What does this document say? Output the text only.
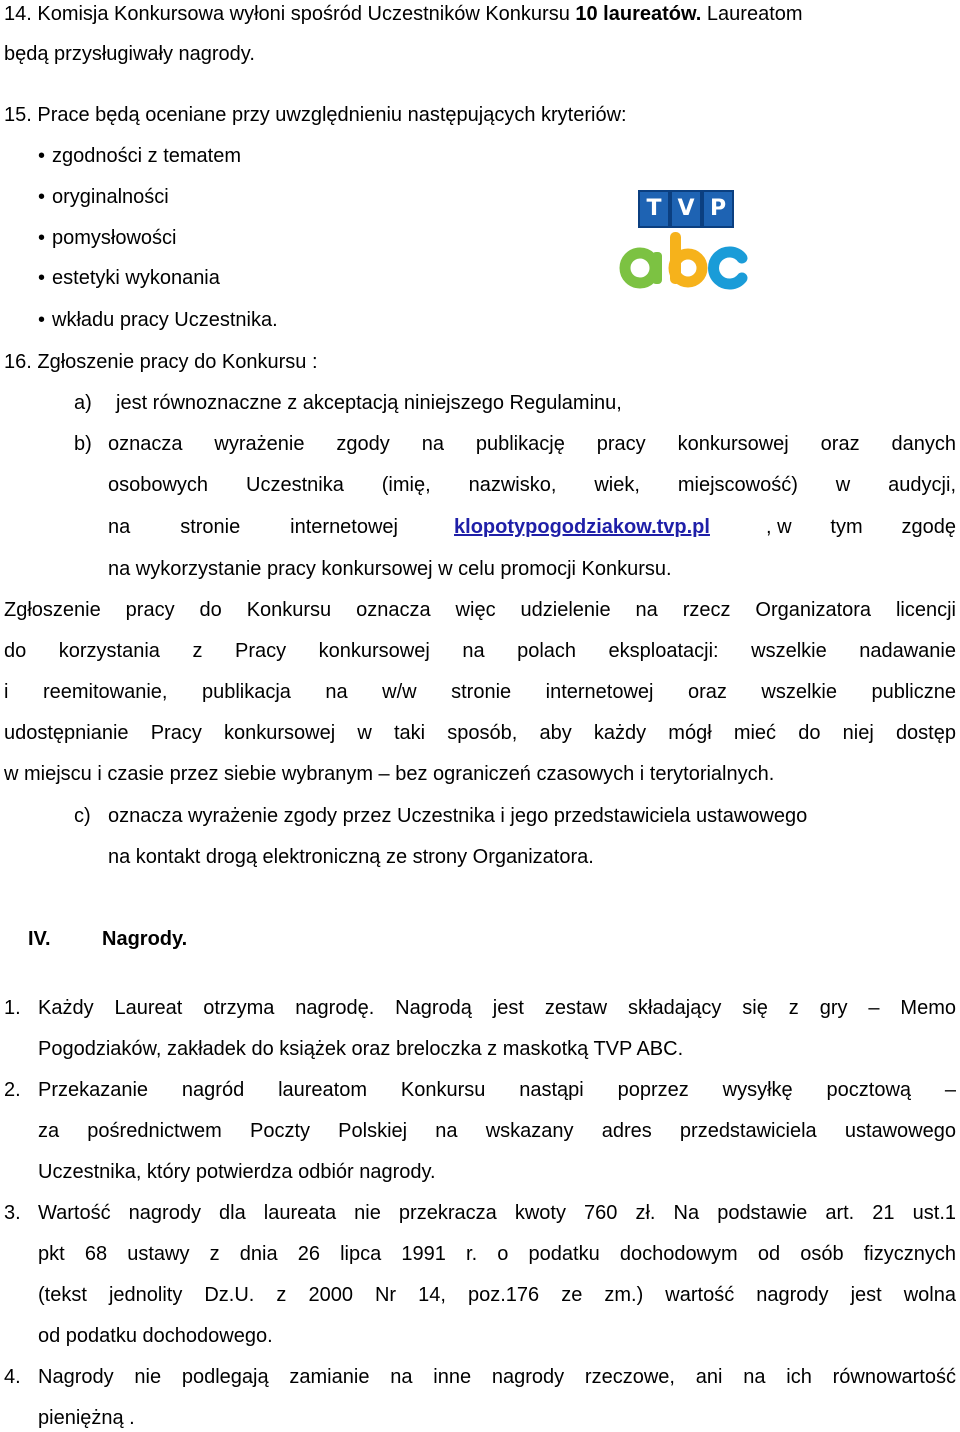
14. Komisja Konkursowa wyłoni spośród Uczestników Konkursu 10 laureatów. Laureatom
będą przysługiwały nagrody.
15. Prace będą oceniane przy uwzględnieniu następujących kryteriów:
• zgodności z tematem
• oryginalności
• pomysłowości
• estetyki wykonania
• wkładu pracy Uczestnika.
T V P
16. Zgłoszenie pracy do Konkursu :
a) jest równoznaczne z akceptacją niniejszego Regulaminu,
b) oznacza wyrażenie zgody na publikację pracy konkursowej oraz danych
osobowych Uczestnika (imię, nazwisko, wiek, miejscowość) w audycji,
na stronie internetowej	klopotypogodziakow.tvp.pl	, w tym zgodę
na wykorzystanie pracy konkursowej w celu promocji Konkursu.
Zgłoszenie pracy do Konkursu oznacza więc udzielenie na rzecz Organizatora licencji
do korzystania z Pracy konkursowej na polach eksploatacji: wszelkie nadawanie
i reemitowanie, publikacja na w/w stronie internetowej oraz wszelkie publiczne
udostępnianie Pracy konkursowej w taki sposób, aby każdy mógł mieć do niej dostęp
w miejscu i czasie przez siebie wybranym – bez ograniczeń czasowych i terytorialnych.
c) oznacza wyrażenie zgody przez Uczestnika i jego przedstawiciela ustawowego
na kontakt drogą elektroniczną ze strony Organizatora.
IV.	Nagrody.
1. Każdy Laureat otrzyma nagrodę. Nagrodą jest zestaw składający się z gry – Memo
Pogodziaków, zakładek do książek oraz breloczka z maskotką TVP ABC.
2. Przekazanie nagród laureatom Konkursu nastąpi poprzez wysyłkę pocztową –
za pośrednictwem Poczty Polskiej na wskazany adres przedstawiciela ustawowego
Uczestnika, który potwierdza odbiór nagrody.
3. Wartość nagrody dla laureata nie przekracza kwoty 760 zł. Na podstawie art. 21 ust.1
pkt 68 ustawy z dnia 26 lipca 1991 r. o podatku dochodowym od osób fizycznych
(tekst jednolity Dz.U. z 2000 Nr 14, poz.176 ze zm.) wartość nagrody jest wolna
od podatku dochodowego.
4. Nagrody nie podlegają zamianie na inne nagrody rzeczowe, ani na ich równowartość
pieniężną .
